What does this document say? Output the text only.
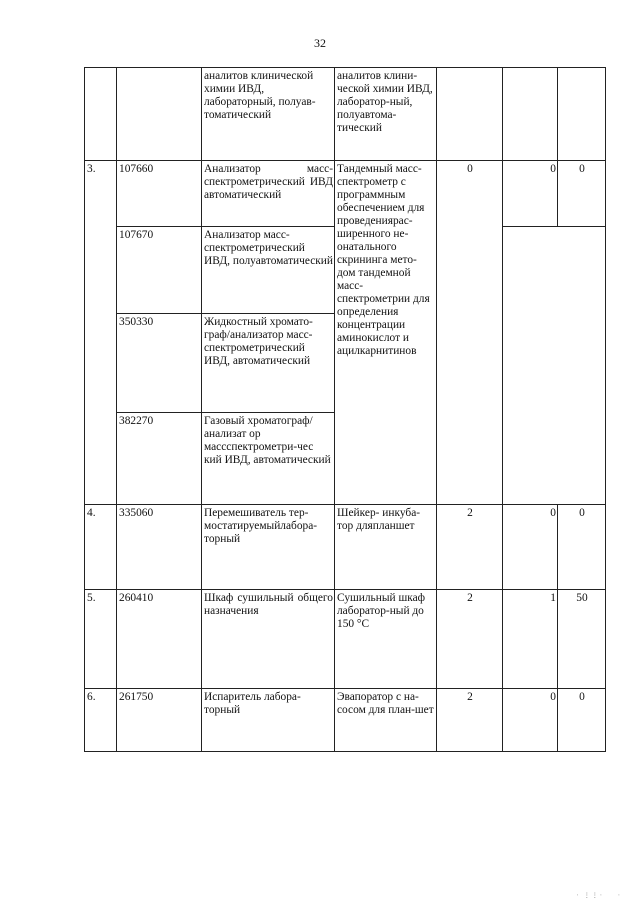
32
		аналитов клинической химии ИВД, лабораторный, полуав-томатический	аналитов клини-ческой химии ИВД, лаборатор-ный, полуавтома-тический			
3.	107660	Анализатор масс-спектрометрический ИВД автоматический	Тандемный масс-спектрометр с программным обеспечением для проведениярас-ширенного не-онатального скрининга мето-дом тандемной масс-спектрометрии для определения концентрации аминокислот и ацилкарнитинов	0	0	0
	107670	Анализатор масс-спектрометрический ИВД, полуавтоматический				
	350330	Жидкостный хромато-граф/анализатор масс-спектрометрический ИВД, автоматический				
	382270	Газовый хроматограф/анализат ор массспектрометри-чес кий ИВД, автоматический				
4.	335060	Перемешиватель тер-мостатируемыйлабора-торный	Шейкер- инкуба-тор дляпланшет	2	0	0
5.	260410	Шкаф сушильный общего назначения	Сушильный шкаф лаборатор-ный до 150 °C	2	1	50
6.	261750	Испаритель лабора-торный	Эвапоратор с на-сосом для план-шет	2	0	0
⋅ ⋮⋮⋅    ⋅
